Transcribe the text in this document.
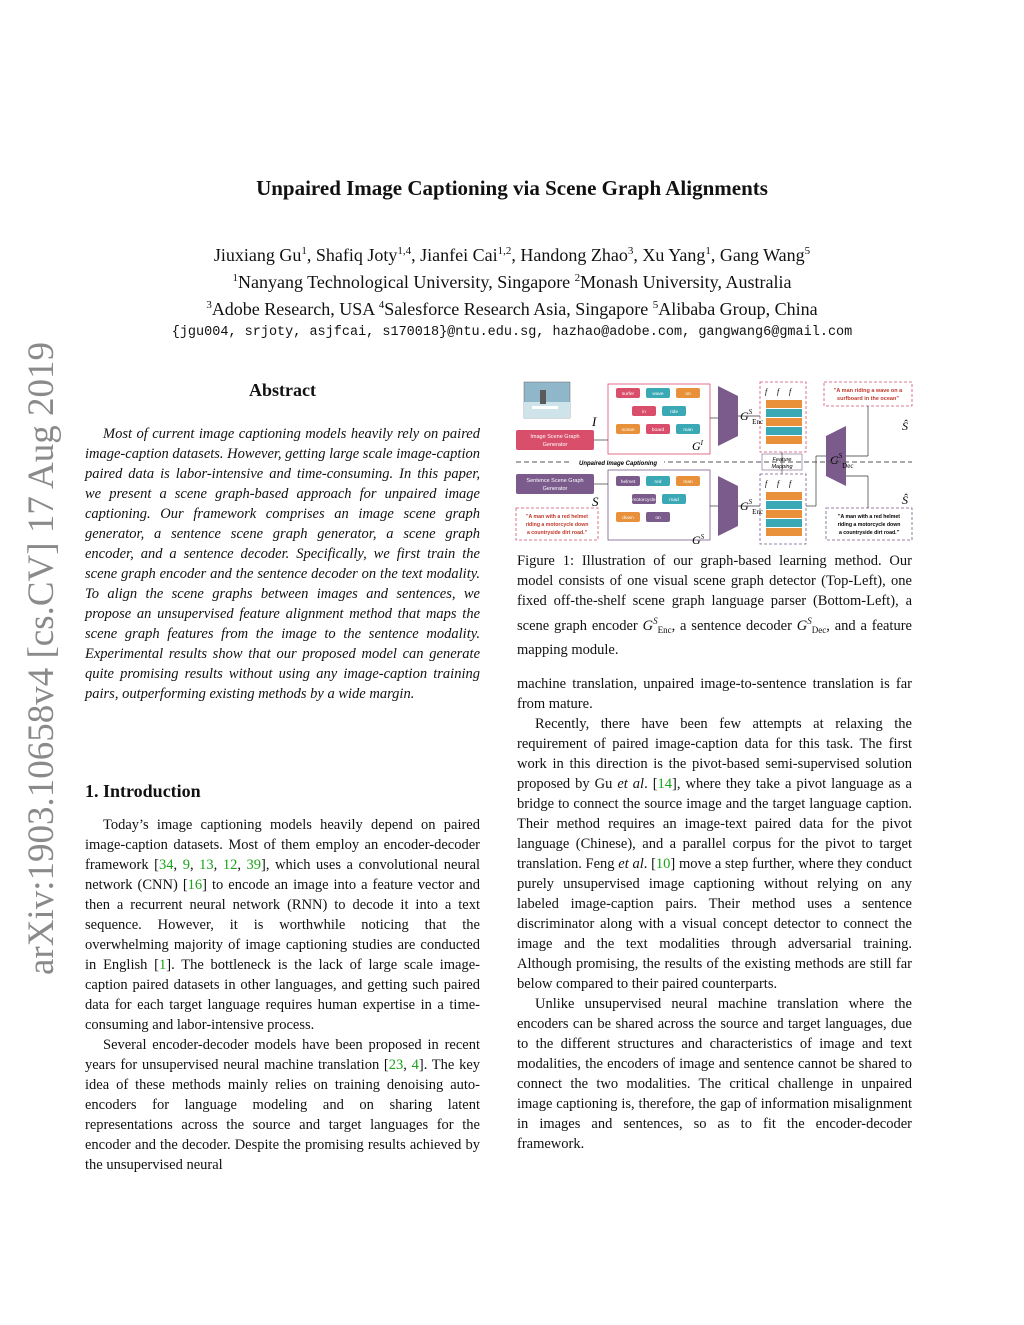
arXiv:1903.10658v4 [cs.CV] 17 Aug 2019
Unpaired Image Captioning via Scene Graph Alignments
Jiuxiang Gu$^1$, Shafiq Joty$^{1,4}$, Jianfei Cai$^{1,2}$, Handong Zhao$^3$, Xu Yang$^1$, Gang Wang$^5$
$^1$Nanyang Technological University, Singapore $^2$Monash University, Australia
$^3$Adobe Research, USA $^4$Salesforce Research Asia, Singapore $^5$Alibaba Group, China
{jgu004, srjoty, asjfcai, s170018}@ntu.edu.sg, hazhao@adobe.com, gangwang6@gmail.com
Abstract

Most of current image captioning models heavily rely on paired image-caption datasets. However, getting large scale image-caption paired data is labor-intensive and time-consuming. In this paper, we present a scene graph-based approach for unpaired image captioning. Our framework comprises an image scene graph generator, a sentence scene graph generator, a scene graph encoder, and a sentence decoder. Specifically, we first train the scene graph encoder and the sentence decoder on the text modality. To align the scene graphs between images and sentences, we propose an unsupervised feature alignment method that maps the scene graph features from the image to the sentence modality. Experimental results show that our proposed model can generate quite promising results without using any image-caption training pairs, outperforming existing methods by a wide margin.

1. Introduction

Today’s image captioning models heavily depend on paired image-caption datasets. Most of them employ an encoder-decoder framework [34, 9, 13, 12, 39], which uses a convolutional neural network (CNN) [16] to encode an image into a feature vector and then a recurrent neural network (RNN) to decode it into a text sequence. However, it is worthwhile noticing that the overwhelming majority of image captioning studies are conducted in English [1]. The bottleneck is the lack of large scale image-caption paired datasets in other languages, and getting such paired data for each target language requires human expertise in a time-consuming and labor-intensive process.

Several encoder-decoder models have been proposed in recent years for unsupervised neural machine translation [23, 4]. The key idea of these methods mainly relies on training denoising auto-encoders for language modeling and on sharing latent representations across the source and target languages for the encoder and the decoder. Despite the promising results achieved by the unsupervised neural

I
Image Scene Graph
Generator
surfer	wave	on
in	ride
ocean	board	man
$G^I$
$G^S_{Enc}$
f f f
Feature
Mapping	$G^S_{Dec}$
"A man riding a wave on a
surfboard in the ocean"
Ŝ
Unpaired Image Captioning
Sentence Scene Graph
Generator
S
"A man with a red helmet
riding a motorcycle down
a countryside dirt road."
helmet	red	man
motorcycle	road
down	on
$G^S$
$G^S_{Enc}$
f f f
"A man with a red helmet
riding a motorcycle down
a countryside dirt road."
Ŝ
Figure 1: Illustration of our graph-based learning method. Our model consists of one visual scene graph detector (Top-Left), one fixed off-the-shelf scene graph language parser (Bottom-Left), a scene graph encoder $G^S_{Enc}$, a sentence decoder $G^S_{Dec}$, and a feature mapping module.

machine translation, unpaired image-to-sentence translation is far from mature.

Recently, there have been few attempts at relaxing the requirement of paired image-caption data for this task. The first work in this direction is the pivot-based semi-supervised solution proposed by Gu et al. [14], where they take a pivot language as a bridge to connect the source image and the target language caption. Their method requires an image-text paired data for the pivot language (Chinese), and a parallel corpus for the pivot to target translation. Feng et al. [10] move a step further, where they conduct purely unsupervised image captioning without relying on any labeled image-caption pairs. Their method uses a sentence discriminator along with a visual concept detector to connect the image and the text modalities through adversarial training. Although promising, the results of the existing methods are still far below compared to their paired counterparts.

Unlike unsupervised neural machine translation where the encoders can be shared across the source and target languages, due to the different structures and characteristics of image and text modalities, the encoders of image and sentence cannot be shared to connect the two modalities. The critical challenge in unpaired image captioning is, therefore, the gap of information misalignment in images and sentences, so as to fit the encoder-decoder framework.
